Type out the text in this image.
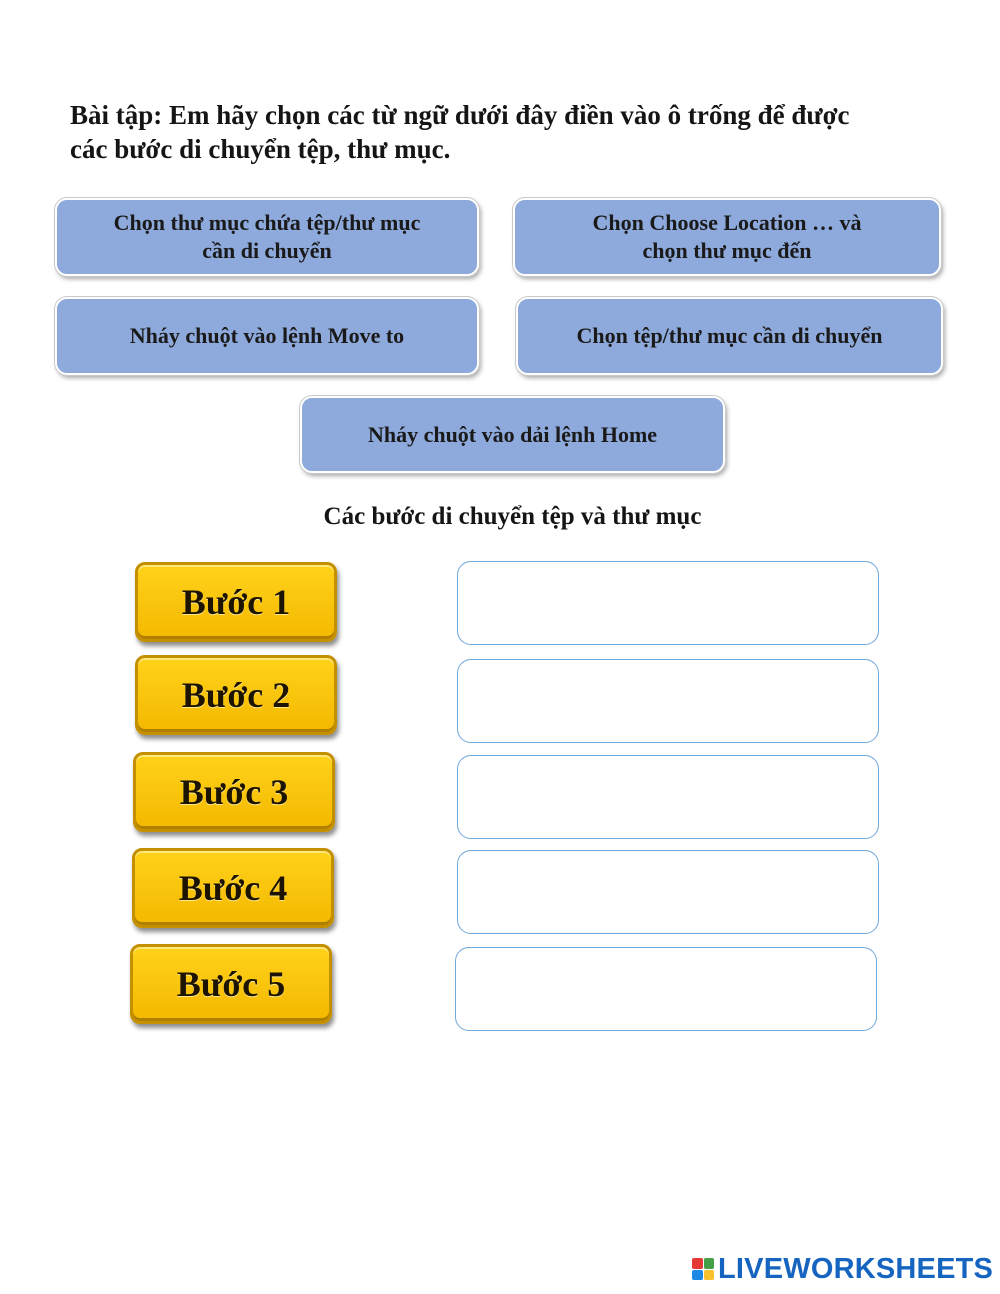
Bài tập: Em hãy chọn các từ ngữ dưới đây điền vào ô trống để được
các bước di chuyển tệp, thư mục.
Chọn thư mục chứa tệp/thư mục
cần di chuyển
Chọn Choose Location … và
chọn thư mục đến
Nháy chuột vào lệnh Move to	Chọn tệp/thư mục cần di chuyển
Nháy chuột vào dải lệnh Home
Các bước di chuyển tệp và thư mục
Bước 1
Bước 2
Bước 3
Bước 4
Bước 5
LIVEWORKSHEETS
